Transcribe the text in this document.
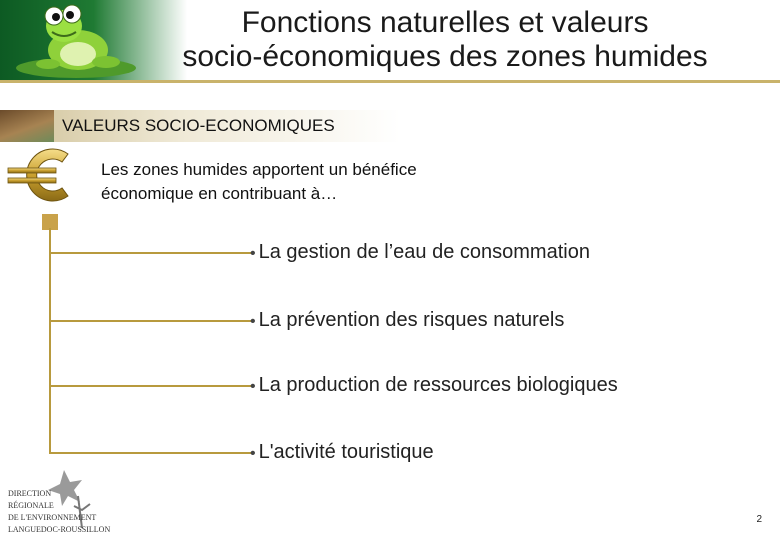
Fonctions naturelles et valeurs
socio-économiques des zones humides
VALEURS SOCIO-ECONOMIQUES
Les zones humides apportent un bénéfice
économique en contribuant à…
• La gestion de l’eau de consommation
• La prévention des risques naturels
• La production de ressources biologiques
• L'activité touristique
DIRECTION
RÉGIONALE
DE L'ENVIRONNEMENT
LANGUEDOC-ROUSSILLON
2
